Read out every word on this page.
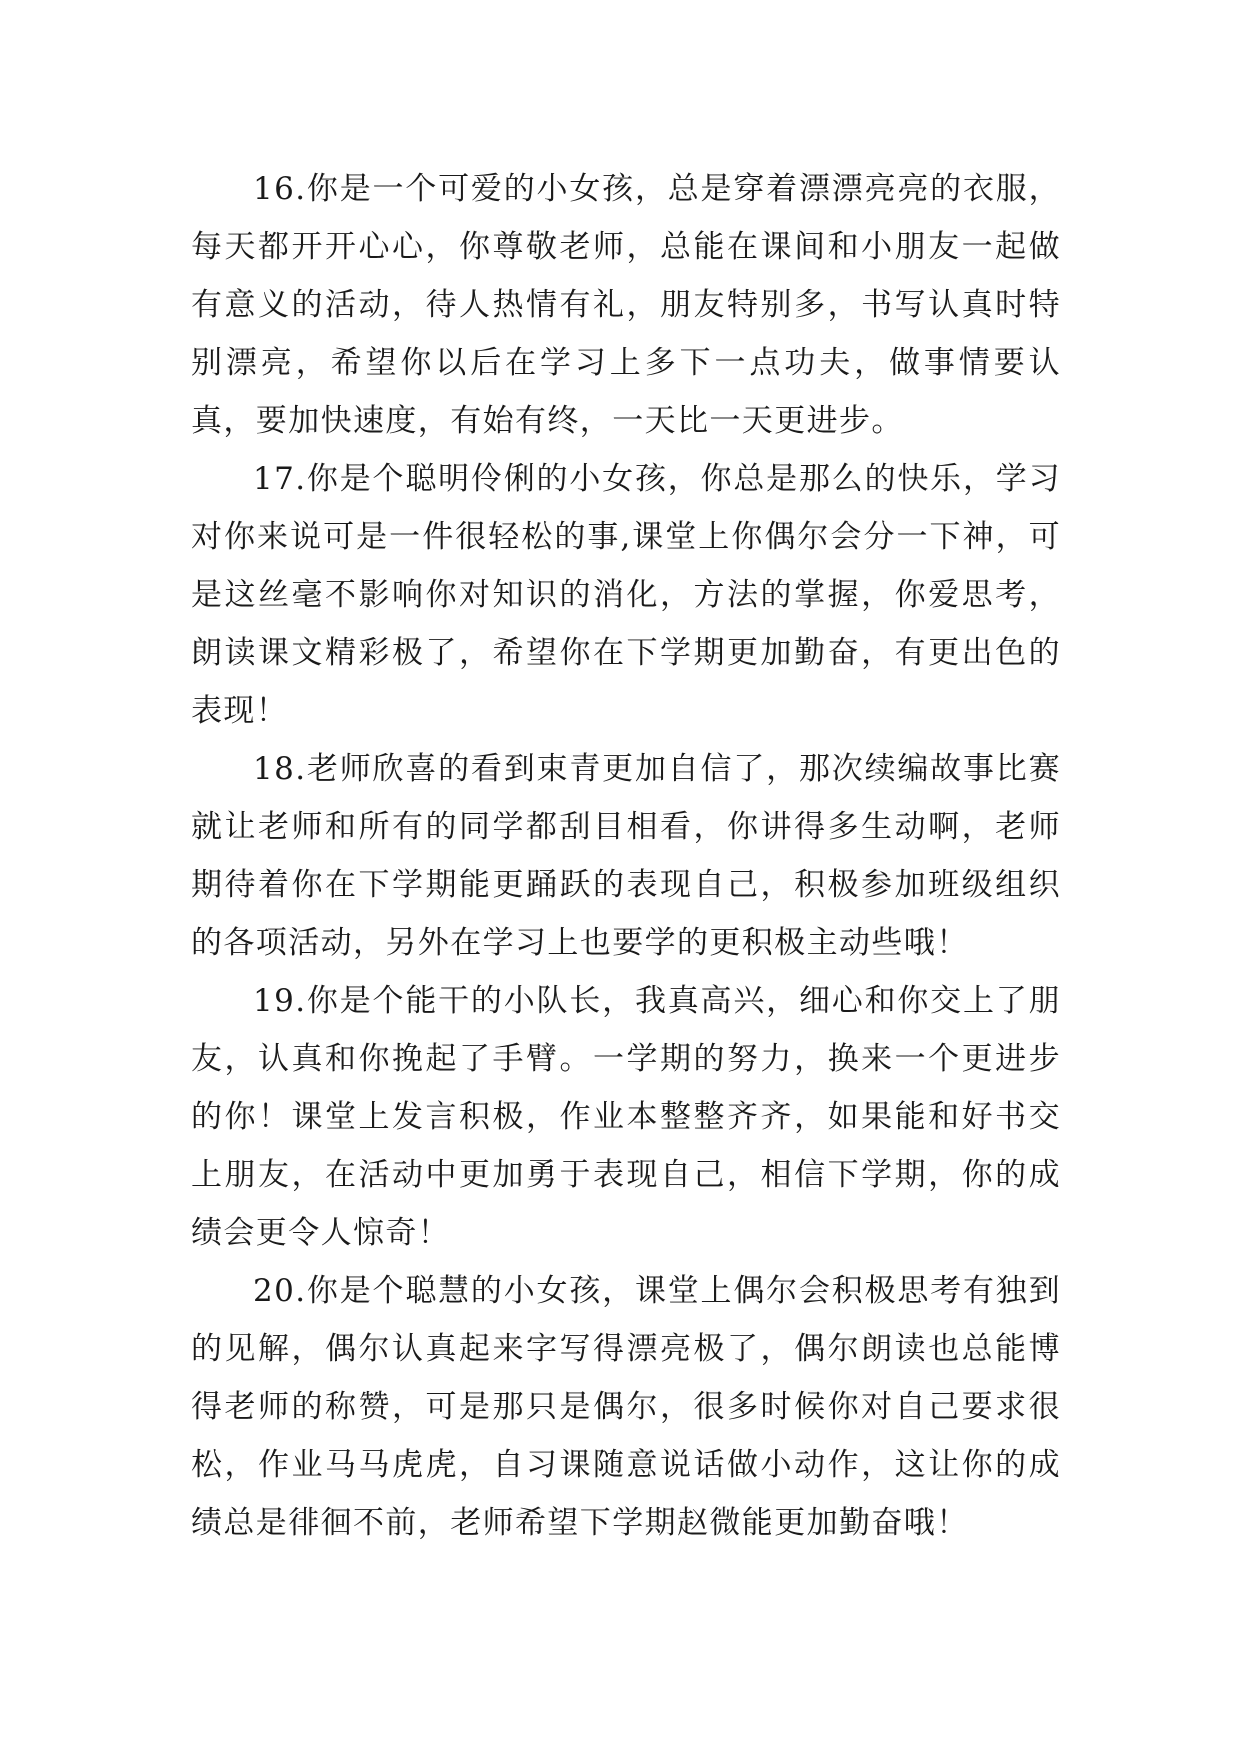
16.你是一个可爱的小女孩，总是穿着漂漂亮亮的衣服，每天都开开心心，你尊敬老师，总能在课间和小朋友一起做有意义的活动，待人热情有礼，朋友特别多，书写认真时特别漂亮，希望你以后在学习上多下一点功夫，做事情要认真，要加快速度，有始有终，一天比一天更进步。

17.你是个聪明伶俐的小女孩，你总是那么的快乐，学习对你来说可是一件很轻松的事,课堂上你偶尔会分一下神，可是这丝毫不影响你对知识的消化，方法的掌握，你爱思考，朗读课文精彩极了，希望你在下学期更加勤奋，有更出色的表现！

18.老师欣喜的看到束青更加自信了，那次续编故事比赛就让老师和所有的同学都刮目相看，你讲得多生动啊，老师期待着你在下学期能更踊跃的表现自己，积极参加班级组织的各项活动，另外在学习上也要学的更积极主动些哦！

19.你是个能干的小队长，我真高兴，细心和你交上了朋友，认真和你挽起了手臂。一学期的努力，换来一个更进步的你！课堂上发言积极，作业本整整齐齐，如果能和好书交上朋友，在活动中更加勇于表现自己，相信下学期，你的成绩会更令人惊奇！

20.你是个聪慧的小女孩，课堂上偶尔会积极思考有独到的见解，偶尔认真起来字写得漂亮极了，偶尔朗读也总能博得老师的称赞，可是那只是偶尔，很多时候你对自己要求很松，作业马马虎虎，自习课随意说话做小动作，这让你的成绩总是徘徊不前，老师希望下学期赵微能更加勤奋哦！
